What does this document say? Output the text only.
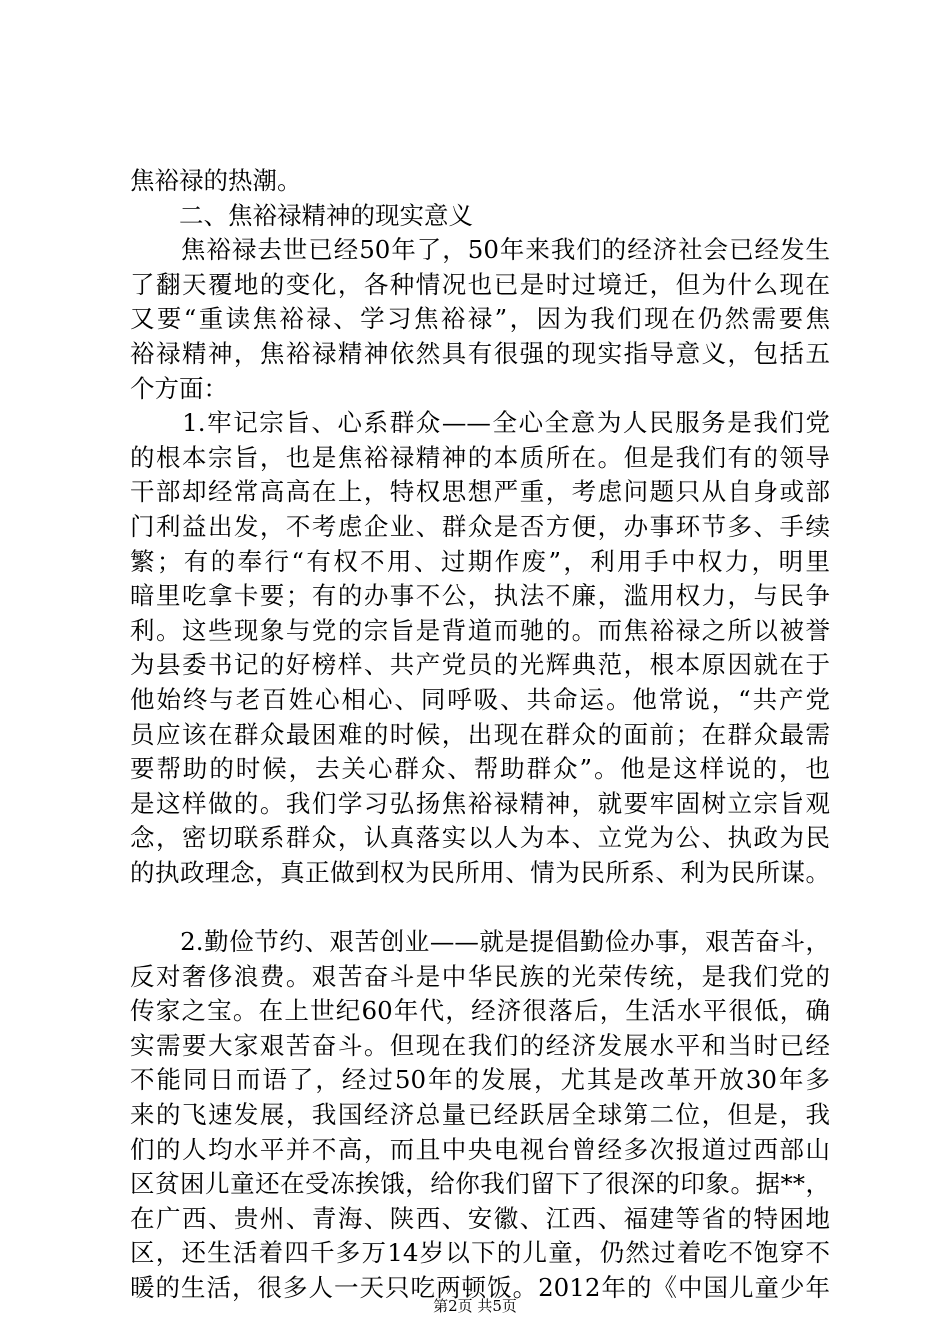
焦裕禄的热潮。
　　二、焦裕禄精神的现实意义
　　焦裕禄去世已经50年了，50年来我们的经济社会已经发生
了翻天覆地的变化，各种情况也已是时过境迁，但为什么现在
又要“重读焦裕禄、学习焦裕禄”，因为我们现在仍然需要焦
裕禄精神，焦裕禄精神依然具有很强的现实指导意义，包括五
个方面：
　　1.牢记宗旨、心系群众——全心全意为人民服务是我们党
的根本宗旨，也是焦裕禄精神的本质所在。但是我们有的领导
干部却经常高高在上，特权思想严重，考虑问题只从自身或部
门利益出发，不考虑企业、群众是否方便，办事环节多、手续
繁；有的奉行“有权不用、过期作废”，利用手中权力，明里
暗里吃拿卡要；有的办事不公，执法不廉，滥用权力，与民争
利。这些现象与党的宗旨是背道而驰的。而焦裕禄之所以被誉
为县委书记的好榜样、共产党员的光辉典范，根本原因就在于
他始终与老百姓心相心、同呼吸、共命运。他常说，“共产党
员应该在群众最困难的时候，出现在群众的面前；在群众最需
要帮助的时候，去关心群众、帮助群众”。他是这样说的，也
是这样做的。我们学习弘扬焦裕禄精神，就要牢固树立宗旨观
念，密切联系群众，认真落实以人为本、立党为公、执政为民
的执政理念，真正做到权为民所用、情为民所系、利为民所谋。
　　2.勤俭节约、艰苦创业——就是提倡勤俭办事，艰苦奋斗，
反对奢侈浪费。艰苦奋斗是中华民族的光荣传统，是我们党的
传家之宝。在上世纪60年代，经济很落后，生活水平很低，确
实需要大家艰苦奋斗。但现在我们的经济发展水平和当时已经
不能同日而语了，经过50年的发展，尤其是改革开放30年多
来的飞速发展，我国经济总量已经跃居全球第二位，但是，我
们的人均水平并不高，而且中央电视台曾经多次报道过西部山
区贫困儿童还在受冻挨饿，给你我们留下了很深的印象。据**，
在广西、贵州、青海、陕西、安徽、江西、福建等省的特困地
区，还生活着四千多万14岁以下的儿童，仍然过着吃不饱穿不
暖的生活，很多人一天只吃两顿饭。2012年的《中国儿童少年
第2页 共5页
